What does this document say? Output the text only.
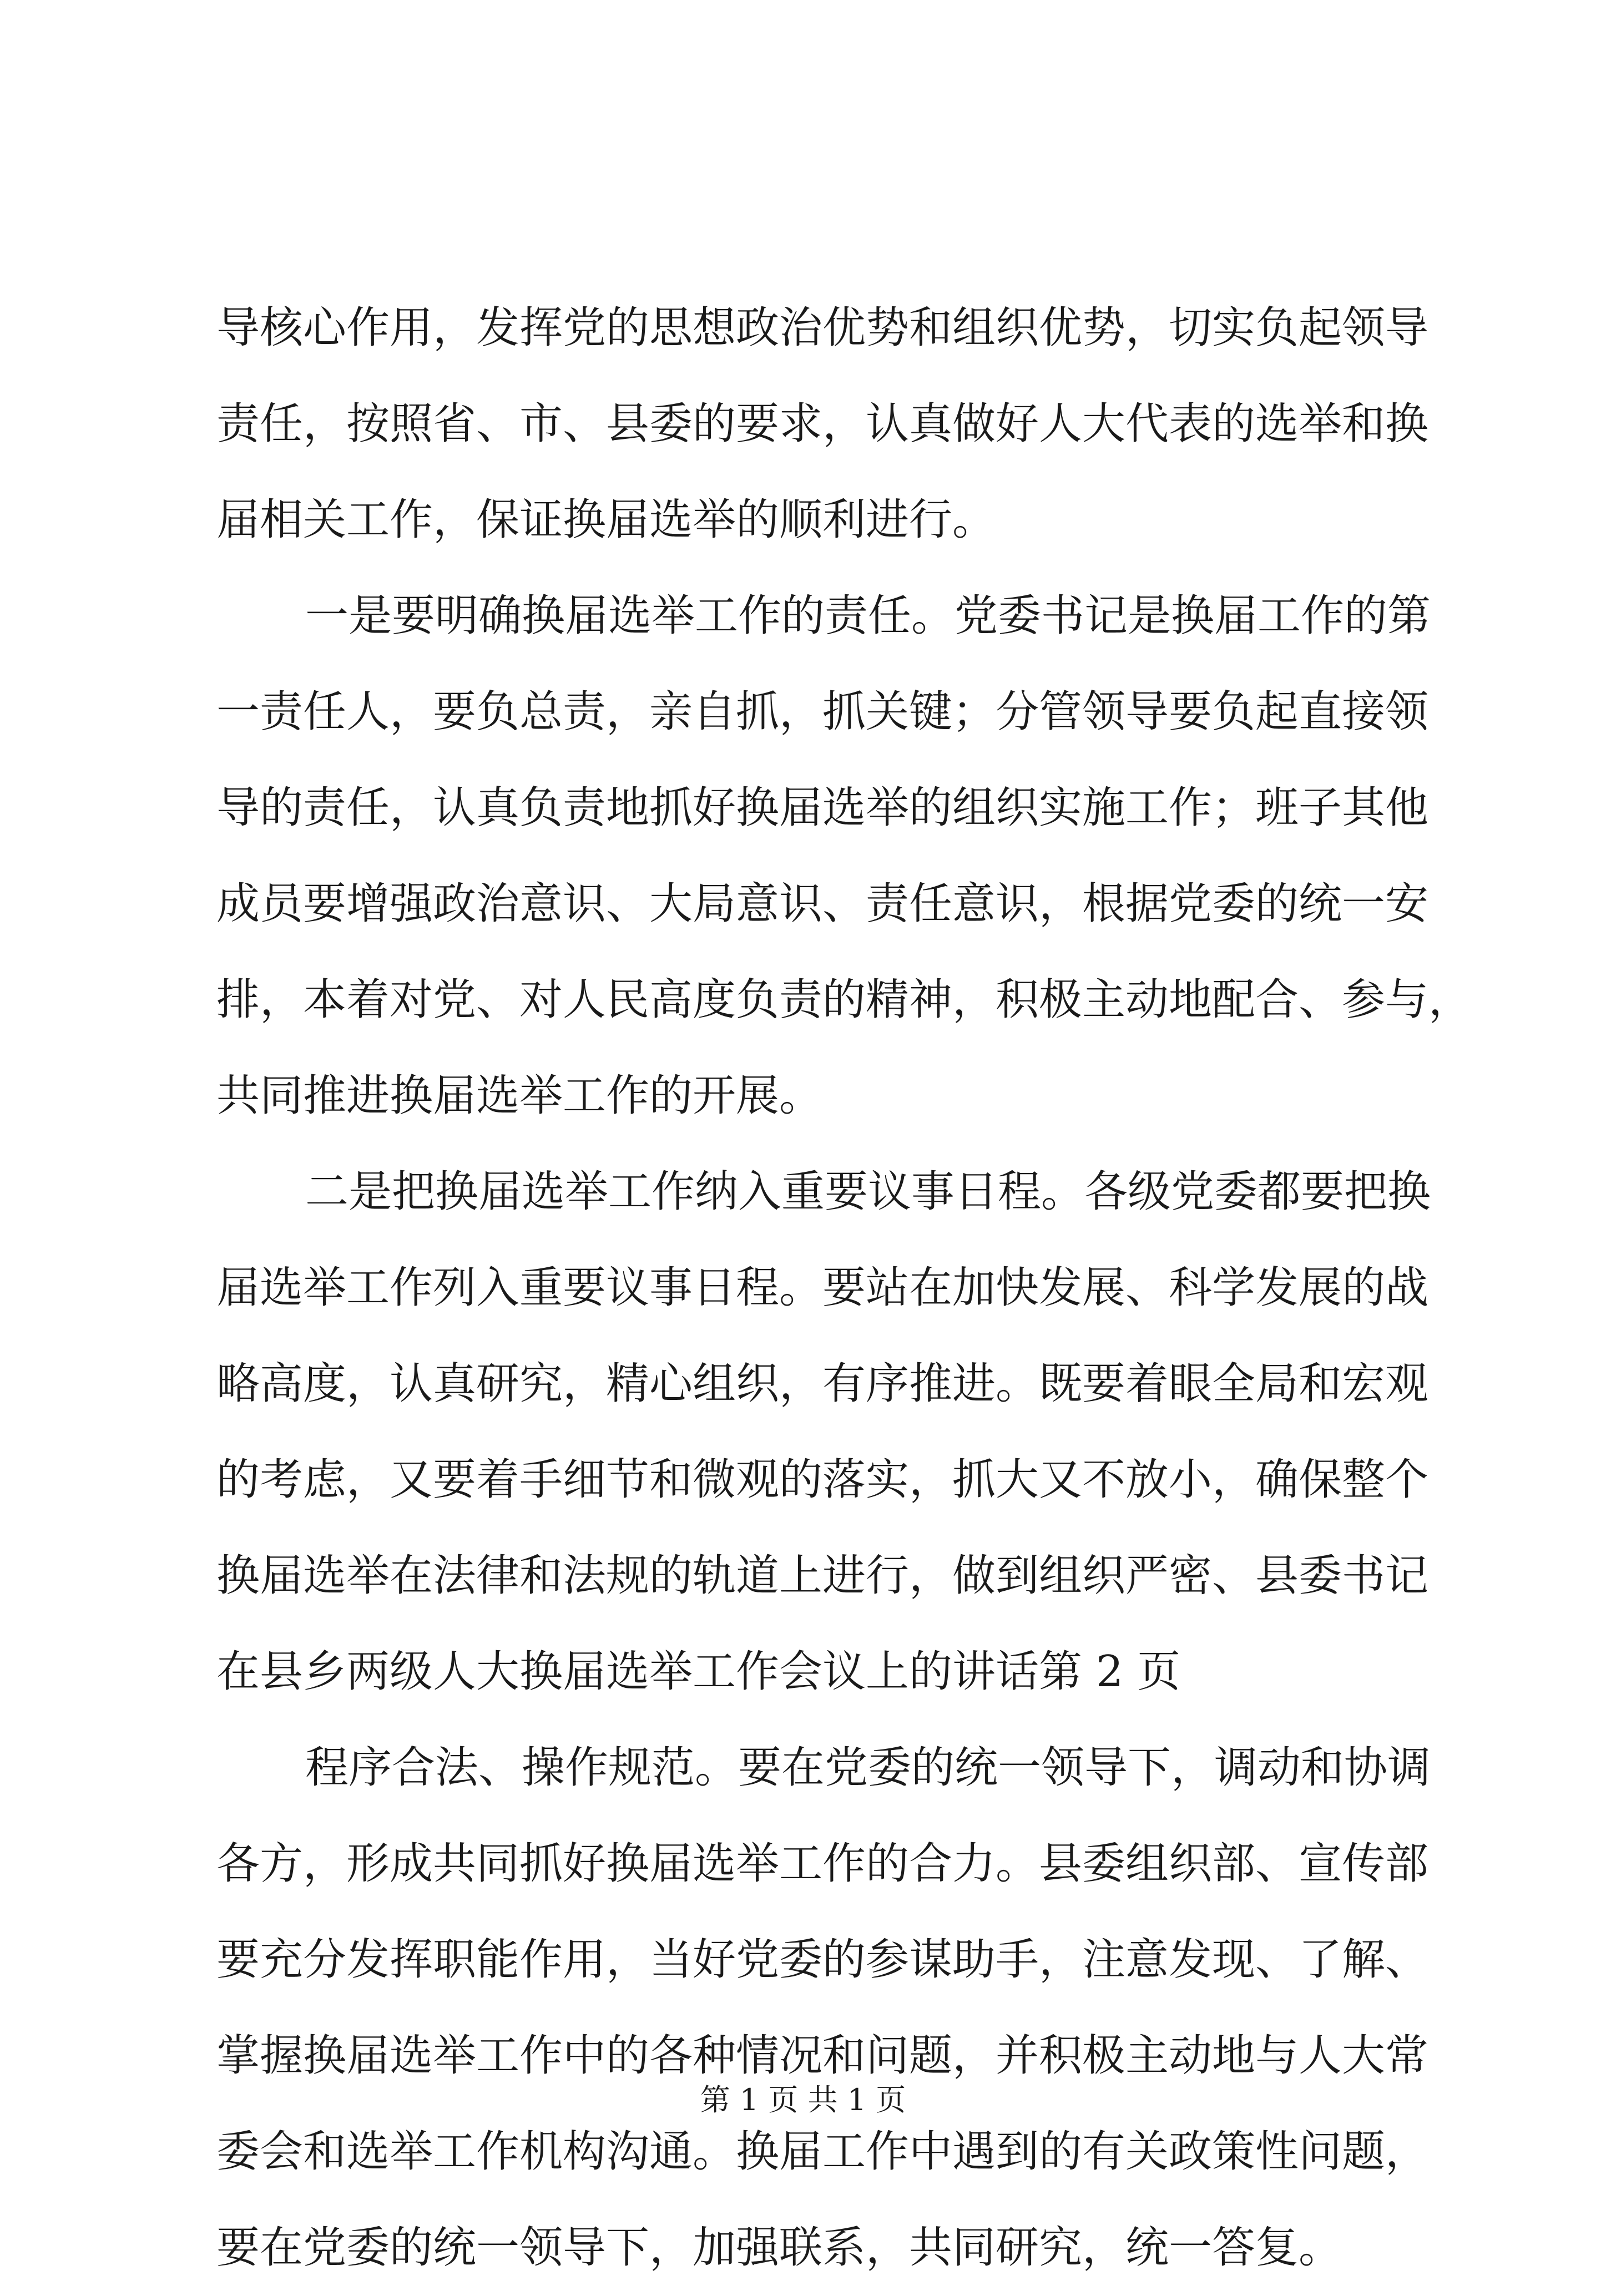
导核心作用，发挥党的思想政治优势和组织优势，切实负起领导
责任，按照省、市、县委的要求，认真做好人大代表的选举和换
届相关工作，保证换届选举的顺利进行。
一是要明确换届选举工作的责任。党委书记是换届工作的第
一责任人，要负总责，亲自抓，抓关键；分管领导要负起直接领
导的责任，认真负责地抓好换届选举的组织实施工作；班子其他
成员要增强政治意识、大局意识、责任意识，根据党委的统一安
排，本着对党、对人民高度负责的精神，积极主动地配合、参与，
共同推进换届选举工作的开展。
二是把换届选举工作纳入重要议事日程。各级党委都要把换
届选举工作列入重要议事日程。要站在加快发展、科学发展的战
略高度，认真研究，精心组织，有序推进。既要着眼全局和宏观
的考虑，又要着手细节和微观的落实，抓大又不放小，确保整个
换届选举在法律和法规的轨道上进行，做到组织严密、县委书记
在县乡两级人大换届选举工作会议上的讲话第 2 页
程序合法、操作规范。要在党委的统一领导下，调动和协调
各方，形成共同抓好换届选举工作的合力。县委组织部、宣传部
要充分发挥职能作用，当好党委的参谋助手，注意发现、了解、
掌握换届选举工作中的各种情况和问题，并积极主动地与人大常
委会和选举工作机构沟通。换届工作中遇到的有关政策性问题，
要在党委的统一领导下，加强联系，共同研究，统一答复。
第 1 页 共 1 页
